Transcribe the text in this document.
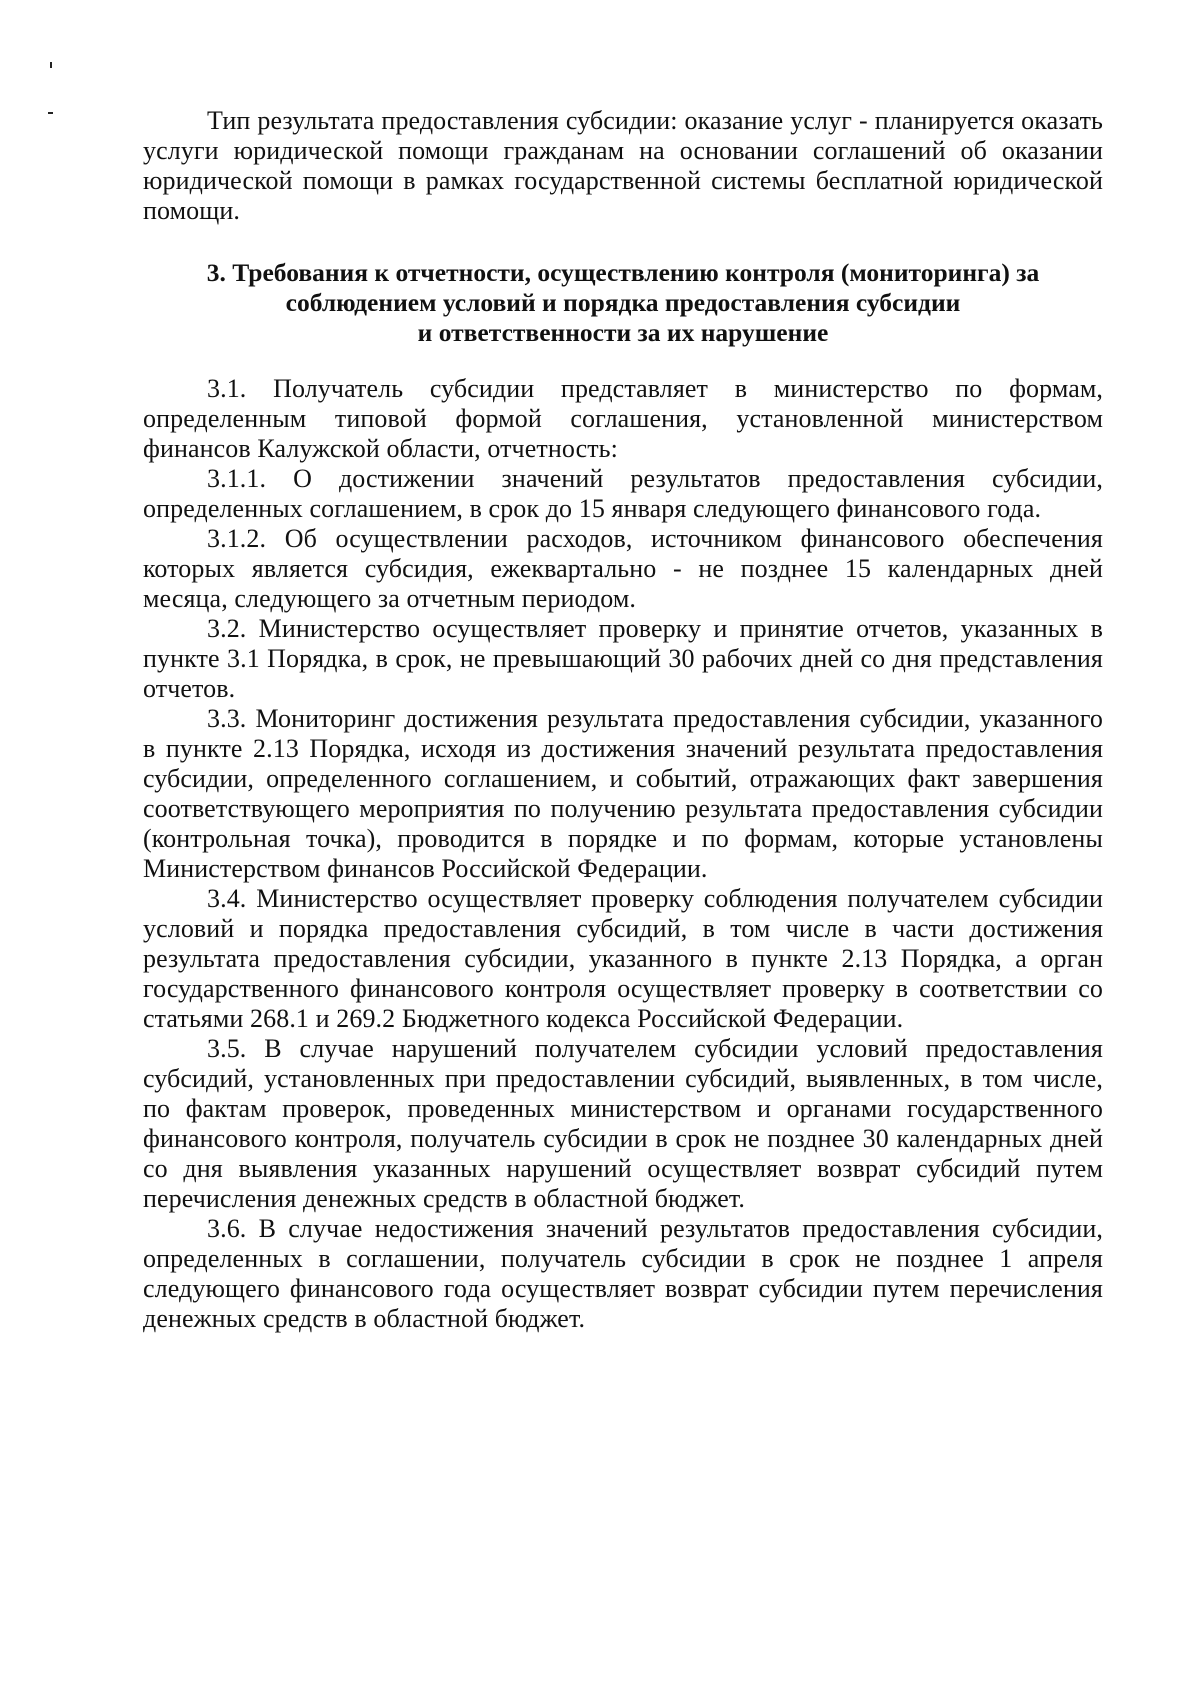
Тип результата предоставления субсидии: оказание услуг - планируется оказать услуги юридической помощи гражданам на основании соглашений об оказании юридической помощи в рамках государственной системы бесплатной юридической помощи.

3. Требования к отчетности, осуществлению контроля (мониторинга) за
соблюдением условий и порядка предоставления субсидии
и ответственности за их нарушение

3.1. Получатель субсидии представляет в министерство по формам, определенным типовой формой соглашения, установленной министерством финансов Калужской области, отчетность:

3.1.1. О достижении значений результатов предоставления субсидии, определенных соглашением, в срок до 15 января следующего финансового года.

3.1.2. Об осуществлении расходов, источником финансового обеспечения которых является субсидия, ежеквартально - не позднее 15 календарных дней месяца, следующего за отчетным периодом.

3.2. Министерство осуществляет проверку и принятие отчетов, указанных в пункте 3.1 Порядка, в срок, не превышающий 30 рабочих дней со дня представления отчетов.

3.3. Мониторинг достижения результата предоставления субсидии, указанного в пункте 2.13 Порядка, исходя из достижения значений результата предоставления субсидии, определенного соглашением, и событий, отражающих факт завершения соответствующего мероприятия по получению результата предоставления субсидии (контрольная точка), проводится в порядке и по формам, которые установлены Министерством финансов Российской Федерации.

3.4. Министерство осуществляет проверку соблюдения получателем субсидии условий и порядка предоставления субсидий, в том числе в части достижения результата предоставления субсидии, указанного в пункте 2.13 Порядка, а орган государственного финансового контроля осуществляет проверку в соответствии со статьями 268.1 и 269.2 Бюджетного кодекса Российской Федерации.

3.5. В случае нарушений получателем субсидии условий предоставления субсидий, установленных при предоставлении субсидий, выявленных, в том числе, по фактам проверок, проведенных министерством и органами государственного финансового контроля, получатель субсидии в срок не позднее 30 календарных дней со дня выявления указанных нарушений осуществляет возврат субсидий путем перечисления денежных средств в областной бюджет.

3.6. В случае недостижения значений результатов предоставления субсидии, определенных в соглашении, получатель субсидии в срок не позднее 1 апреля следующего финансового года осуществляет возврат субсидии путем перечисления денежных средств в областной бюджет.
